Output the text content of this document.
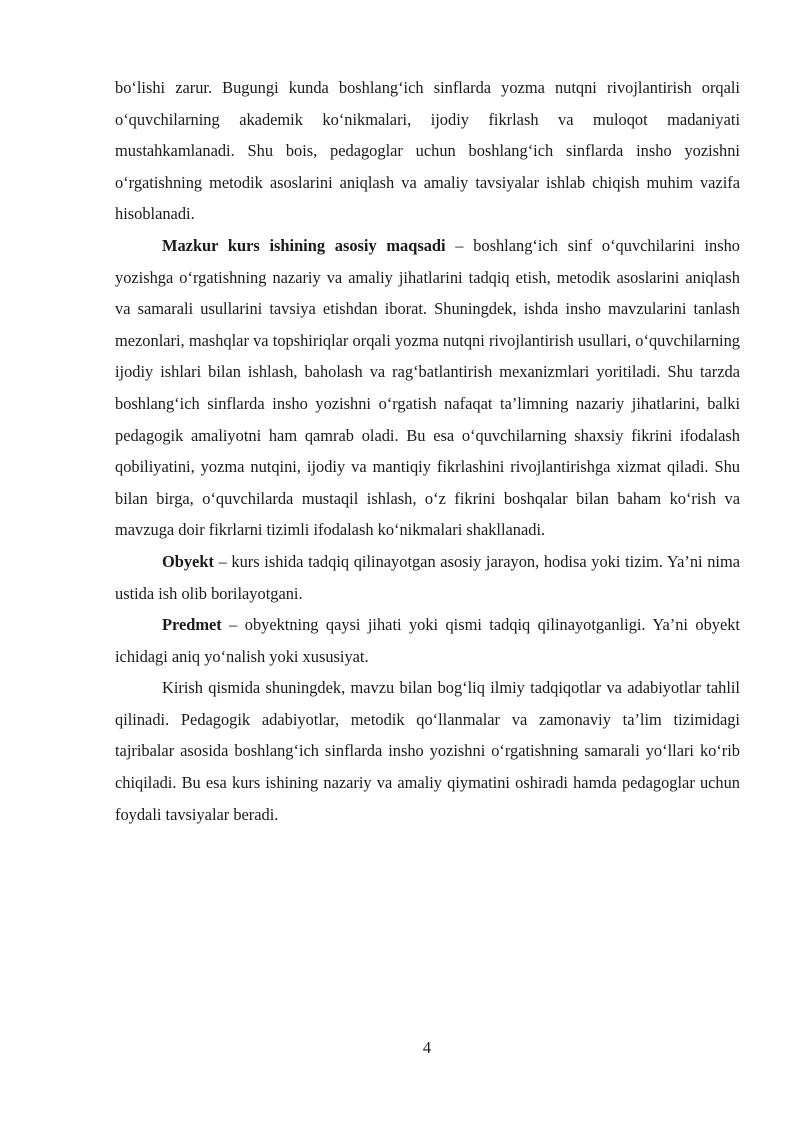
bo‘lishi zarur. Bugungi kunda boshlang‘ich sinflarda yozma nutqni rivojlantirish orqali o‘quvchilarning akademik ko‘nikmalari, ijodiy fikrlash va muloqot madaniyati mustahkamlanadi. Shu bois, pedagoglar uchun boshlang‘ich sinflarda insho yozishni o‘rgatishning metodik asoslarini aniqlash va amaliy tavsiyalar ishlab chiqish muhim vazifa hisoblanadi.

Mazkur kurs ishining asosiy maqsadi – boshlang‘ich sinf o‘quvchilarini insho yozishga o‘rgatishning nazariy va amaliy jihatlarini tadqiq etish, metodik asoslarini aniqlash va samarali usullarini tavsiya etishdan iborat. Shuningdek, ishda insho mavzularini tanlash mezonlari, mashqlar va topshiriqlar orqali yozma nutqni rivojlantirish usullari, o‘quvchilarning ijodiy ishlari bilan ishlash, baholash va rag‘batlantirish mexanizmlari yoritiladi. Shu tarzda boshlang‘ich sinflarda insho yozishni o‘rgatish nafaqat ta’limning nazariy jihatlarini, balki pedagogik amaliyotni ham qamrab oladi. Bu esa o‘quvchilarning shaxsiy fikrini ifodalash qobiliyatini, yozma nutqini, ijodiy va mantiqiy fikrlashini rivojlantirishga xizmat qiladi. Shu bilan birga, o‘quvchilarda mustaqil ishlash, o‘z fikrini boshqalar bilan baham ko‘rish va mavzuga doir fikrlarni tizimli ifodalash ko‘nikmalari shakllanadi.

Obyekt – kurs ishida tadqiq qilinayotgan asosiy jarayon, hodisa yoki tizim. Ya’ni nima ustida ish olib borilayotgani.

Predmet – obyektning qaysi jihati yoki qismi tadqiq qilinayotganligi. Ya’ni obyekt ichidagi aniq yo‘nalish yoki xususiyat.

Kirish qismida shuningdek, mavzu bilan bog‘liq ilmiy tadqiqotlar va adabiyotlar tahlil qilinadi. Pedagogik adabiyotlar, metodik qo‘llanmalar va zamonaviy ta’lim tizimidagi tajribalar asosida boshlang‘ich sinflarda insho yozishni o‘rgatishning samarali yo‘llari ko‘rib chiqiladi. Bu esa kurs ishining nazariy va amaliy qiymatini oshiradi hamda pedagoglar uchun foydali tavsiyalar beradi.

4
